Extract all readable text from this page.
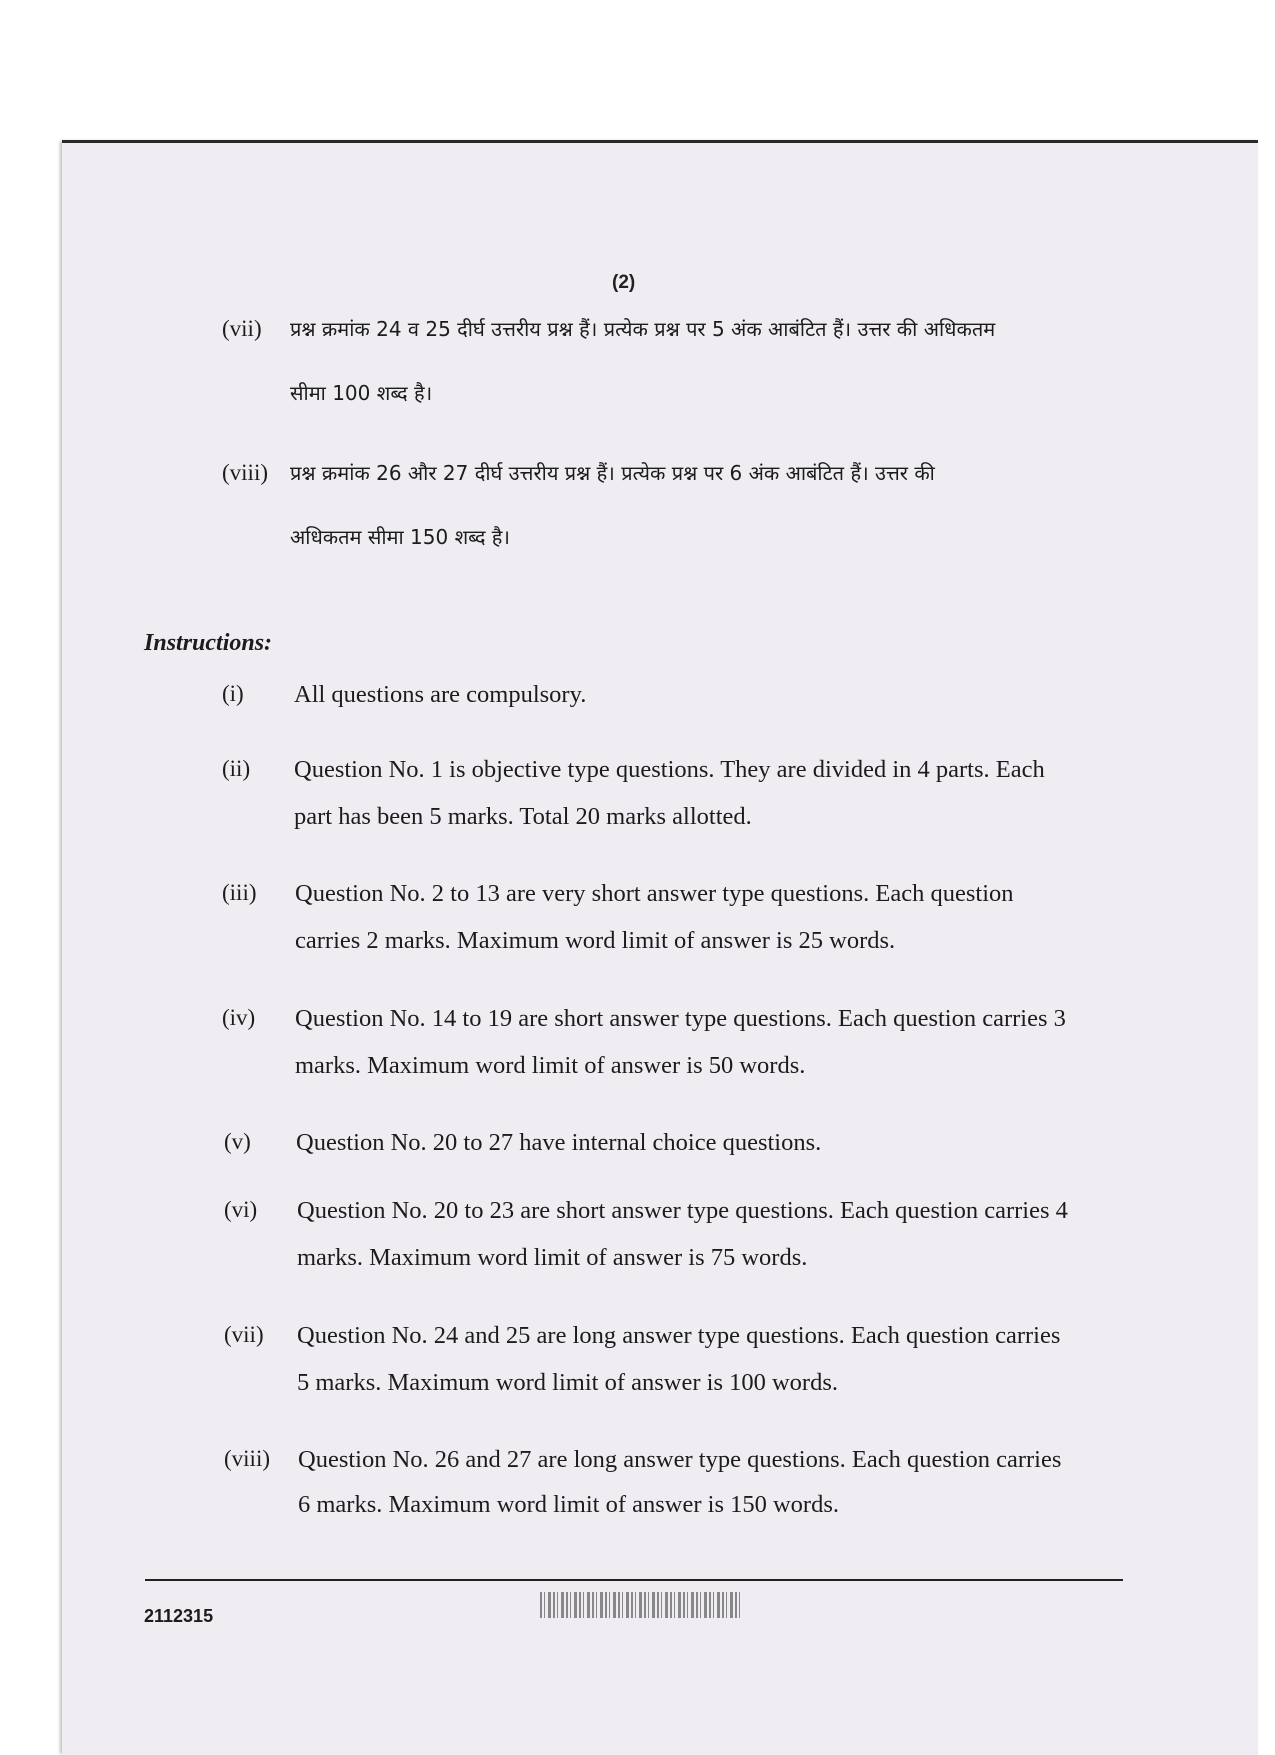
(2)
(vii) प्रश्न क्रमांक 24 व 25 दीर्घ उत्तरीय प्रश्न हैं। प्रत्येक प्रश्न पर 5 अंक आबंटित हैं। उत्तर की अधिकतम
सीमा 100 शब्द है।
(viii) प्रश्न क्रमांक 26 और 27 दीर्घ उत्तरीय प्रश्न हैं। प्रत्येक प्रश्न पर 6 अंक आबंटित हैं। उत्तर की
अधिकतम सीमा 150 शब्द है।
Instructions:
(i) All questions are compulsory.
(ii) Question No. 1 is objective type questions. They are divided in 4 parts. Each
part has been 5 marks. Total 20 marks allotted.
(iii) Question No. 2 to 13 are very short answer type questions. Each question
carries 2 marks. Maximum word limit of answer is 25 words.
(iv) Question No. 14 to 19 are short answer type questions. Each question carries 3
marks. Maximum word limit of answer is 50 words.
(v) Question No. 20 to 27 have internal choice questions.
(vi) Question No. 20 to 23 are short answer type questions. Each question carries 4
marks. Maximum word limit of answer is 75 words.
(vii) Question No. 24 and 25 are long answer type questions. Each question carries
5 marks. Maximum word limit of answer is 100 words.
(viii) Question No. 26 and 27 are long answer type questions. Each question carries
6 marks. Maximum word limit of answer is 150 words.
2112315
